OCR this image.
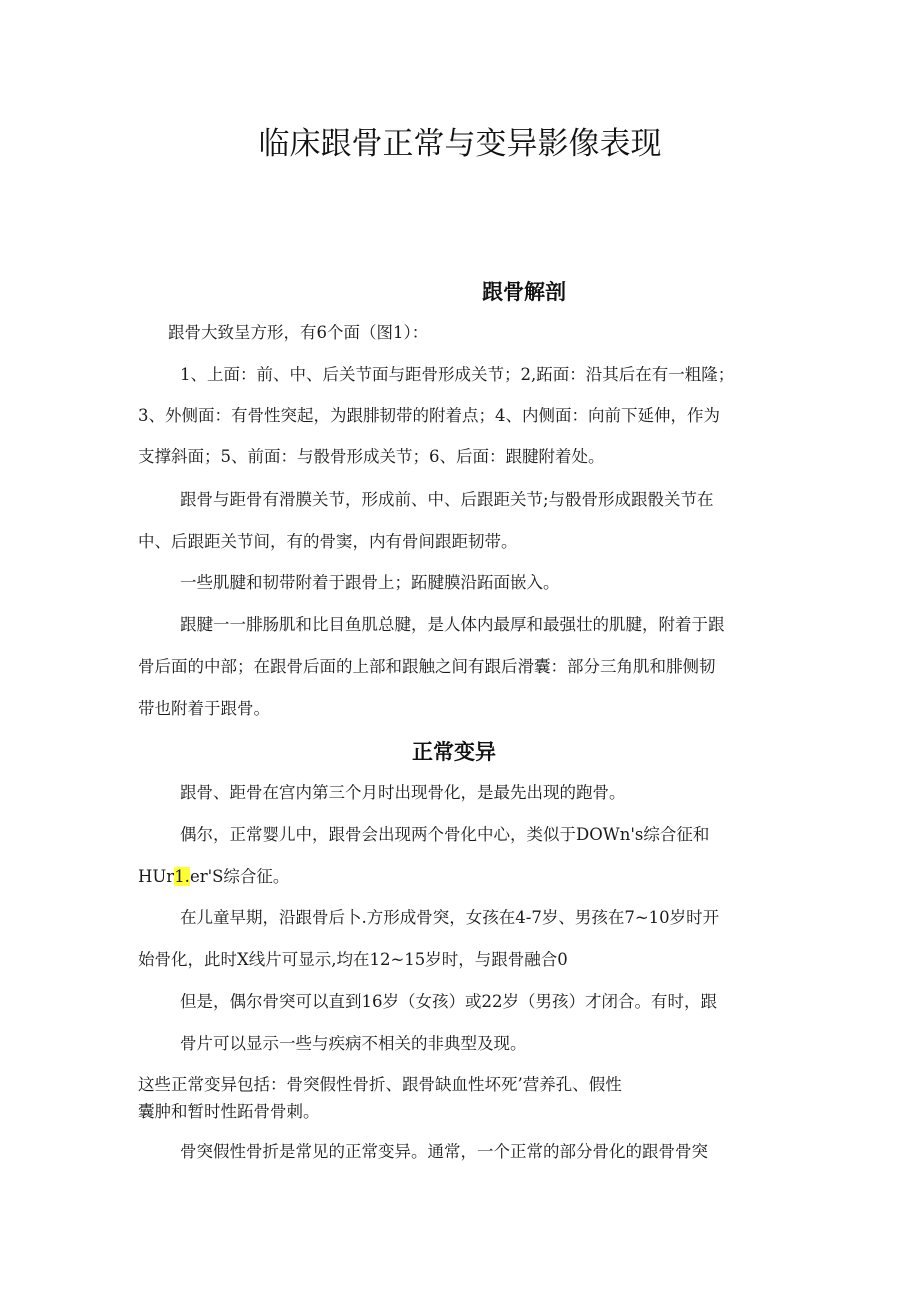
临床跟骨正常与变异影像表现
跟骨解剖

跟骨大致呈方形，有6个面（图1）：

1、上面：前、中、后关节面与距骨形成关节；2,跖面：沿其后在有一粗隆；

3、外侧面：有骨性突起，为跟腓韧带的附着点；4、内侧面：向前下延伸，作为

支撑斜面；5、前面：与骰骨形成关节；6、后面：跟腱附着处。

跟骨与距骨有滑膜关节，形成前、中、后跟距关节;与骰骨形成跟骰关节在

中、后跟距关节间，有的骨窦，内有骨间跟距韧带。

一些肌腱和韧带附着于跟骨上；跖腱膜沿跖面嵌入。

跟腱一一腓肠肌和比目鱼肌总腱，是人体内最厚和最强壮的肌腱，附着于跟

骨后面的中部；在跟骨后面的上部和跟触之间有跟后滑囊：部分三角肌和腓侧韧

带也附着于跟骨。

正常变异

跟骨、距骨在宫内第三个月时出现骨化，是最先出现的跑骨。

偶尔，正常婴儿中，跟骨会出现两个骨化中心，类似于DOWn's综合征和

HUr1.er'S综合征。

在儿童早期，沿跟骨后卜.方形成骨突，女孩在4-7岁、男孩在7~10岁时开

始骨化，此时X线片可显示,均在12~15岁时，与跟骨融合0

但是，偶尔骨突可以直到16岁（女孩）或22岁（男孩）才闭合。有时，跟

骨片可以显示一些与疾病不相关的非典型及现。

这些正常变异包括：骨突假性骨折、跟骨缺血性坏死’营养孔、假性

囊肿和暂时性跖骨骨刺。

骨突假性骨折是常见的正常变异。通常，一个正常的部分骨化的跟骨骨突
